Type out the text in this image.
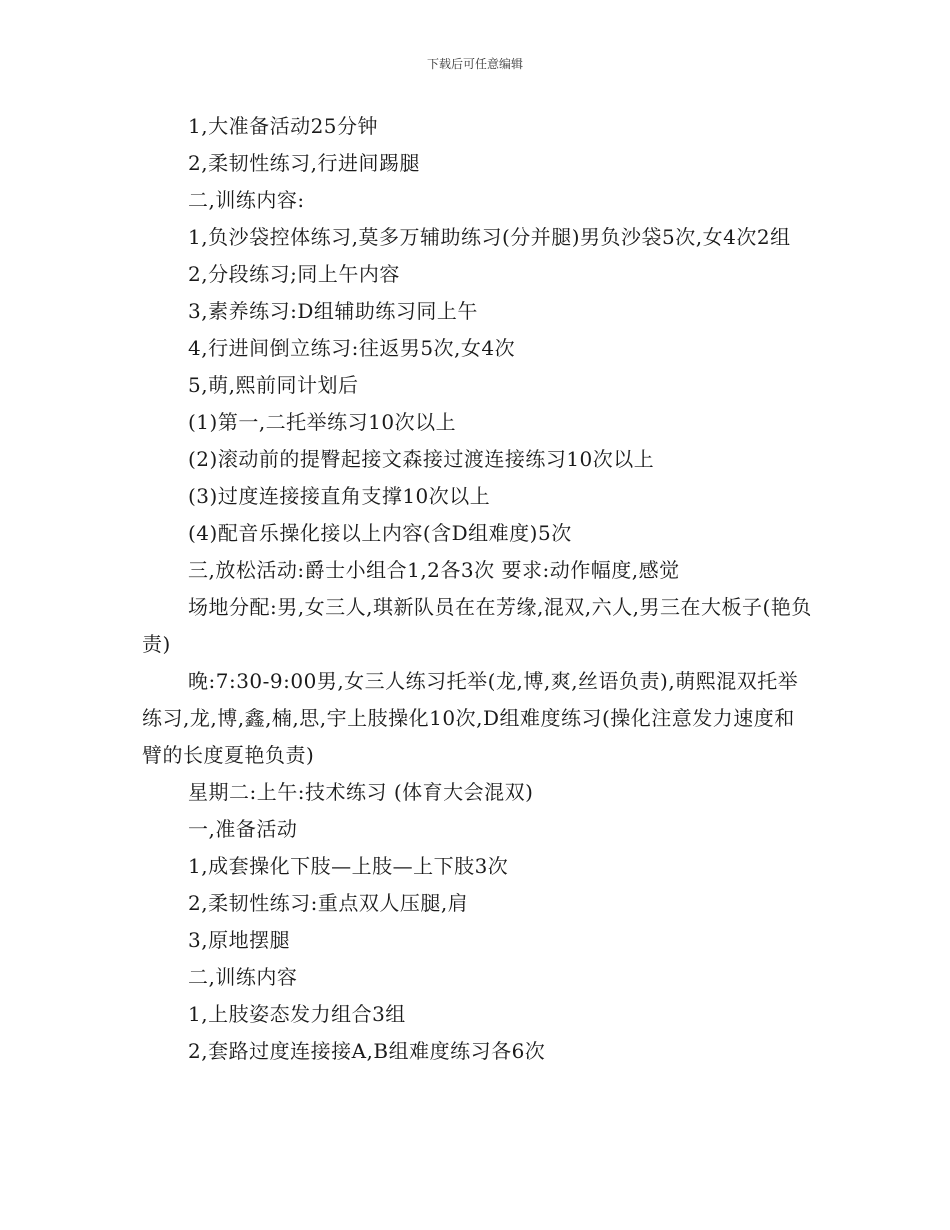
下载后可任意编辑

1,大准备活动25分钟

2,柔韧性练习,行进间踢腿

二,训练内容:

1,负沙袋控体练习,莫多万辅助练习(分并腿)男负沙袋5次,女4次2组

2,分段练习;同上午内容

3,素养练习:D组辅助练习同上午

4,行进间倒立练习:往返男5次,女4次

5,萌,熙前同计划后

(1)第一,二托举练习10次以上

(2)滚动前的提臀起接文森接过渡连接练习10次以上

(3)过度连接接直角支撑10次以上

(4)配音乐操化接以上内容(含D组难度)5次

三,放松活动:爵士小组合1,2各3次 要求:动作幅度,感觉

场地分配:男,女三人,琪新队员在在芳缘,混双,六人,男三在大板子(艳负责)

晚:7:30-9:00男,女三人练习托举(龙,博,爽,丝语负责),萌熙混双托举练习,龙,博,鑫,楠,思,宇上肢操化10次,D组难度练习(操化注意发力速度和臂的长度夏艳负责)

星期二:上午:技术练习 (体育大会混双)

一,准备活动

1,成套操化下肢—上肢—上下肢3次

2,柔韧性练习:重点双人压腿,肩

3,原地摆腿

二,训练内容

1,上肢姿态发力组合3组

2,套路过度连接接A,B组难度练习各6次
